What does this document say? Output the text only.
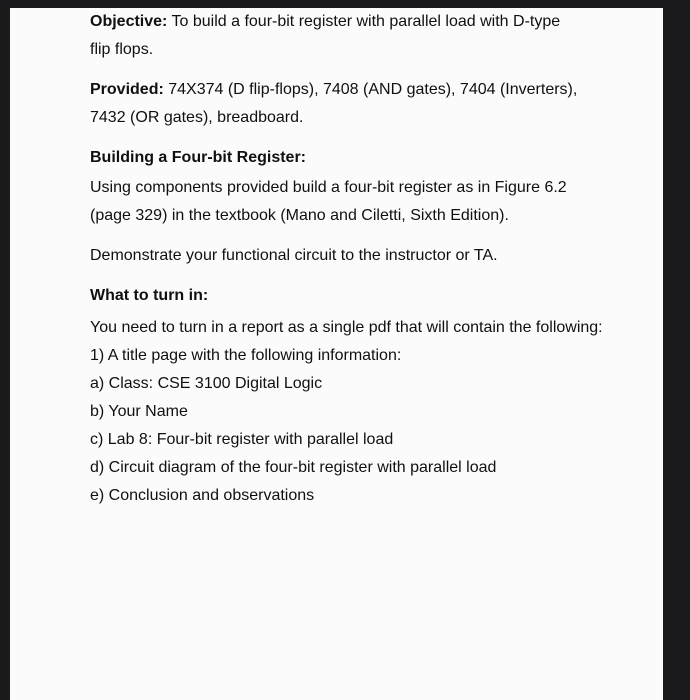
Objective: To build a four-bit register with parallel load with D-type
flip flops.

Provided: 74X374 (D flip-flops), 7408 (AND gates), 7404 (Inverters),
7432 (OR gates), breadboard.

Building a Four-bit Register:

Using components provided build a four-bit register as in Figure 6.2
(page 329) in the textbook (Mano and Ciletti, Sixth Edition).

Demonstrate your functional circuit to the instructor or TA.

What to turn in:

You need to turn in a report as a single pdf that will contain the following:

1) A title page with the following information:
a) Class: CSE 3100 Digital Logic
b) Your Name
c) Lab 8: Four-bit register with parallel load
d) Circuit diagram of the four-bit register with parallel load
e) Conclusion and observations
